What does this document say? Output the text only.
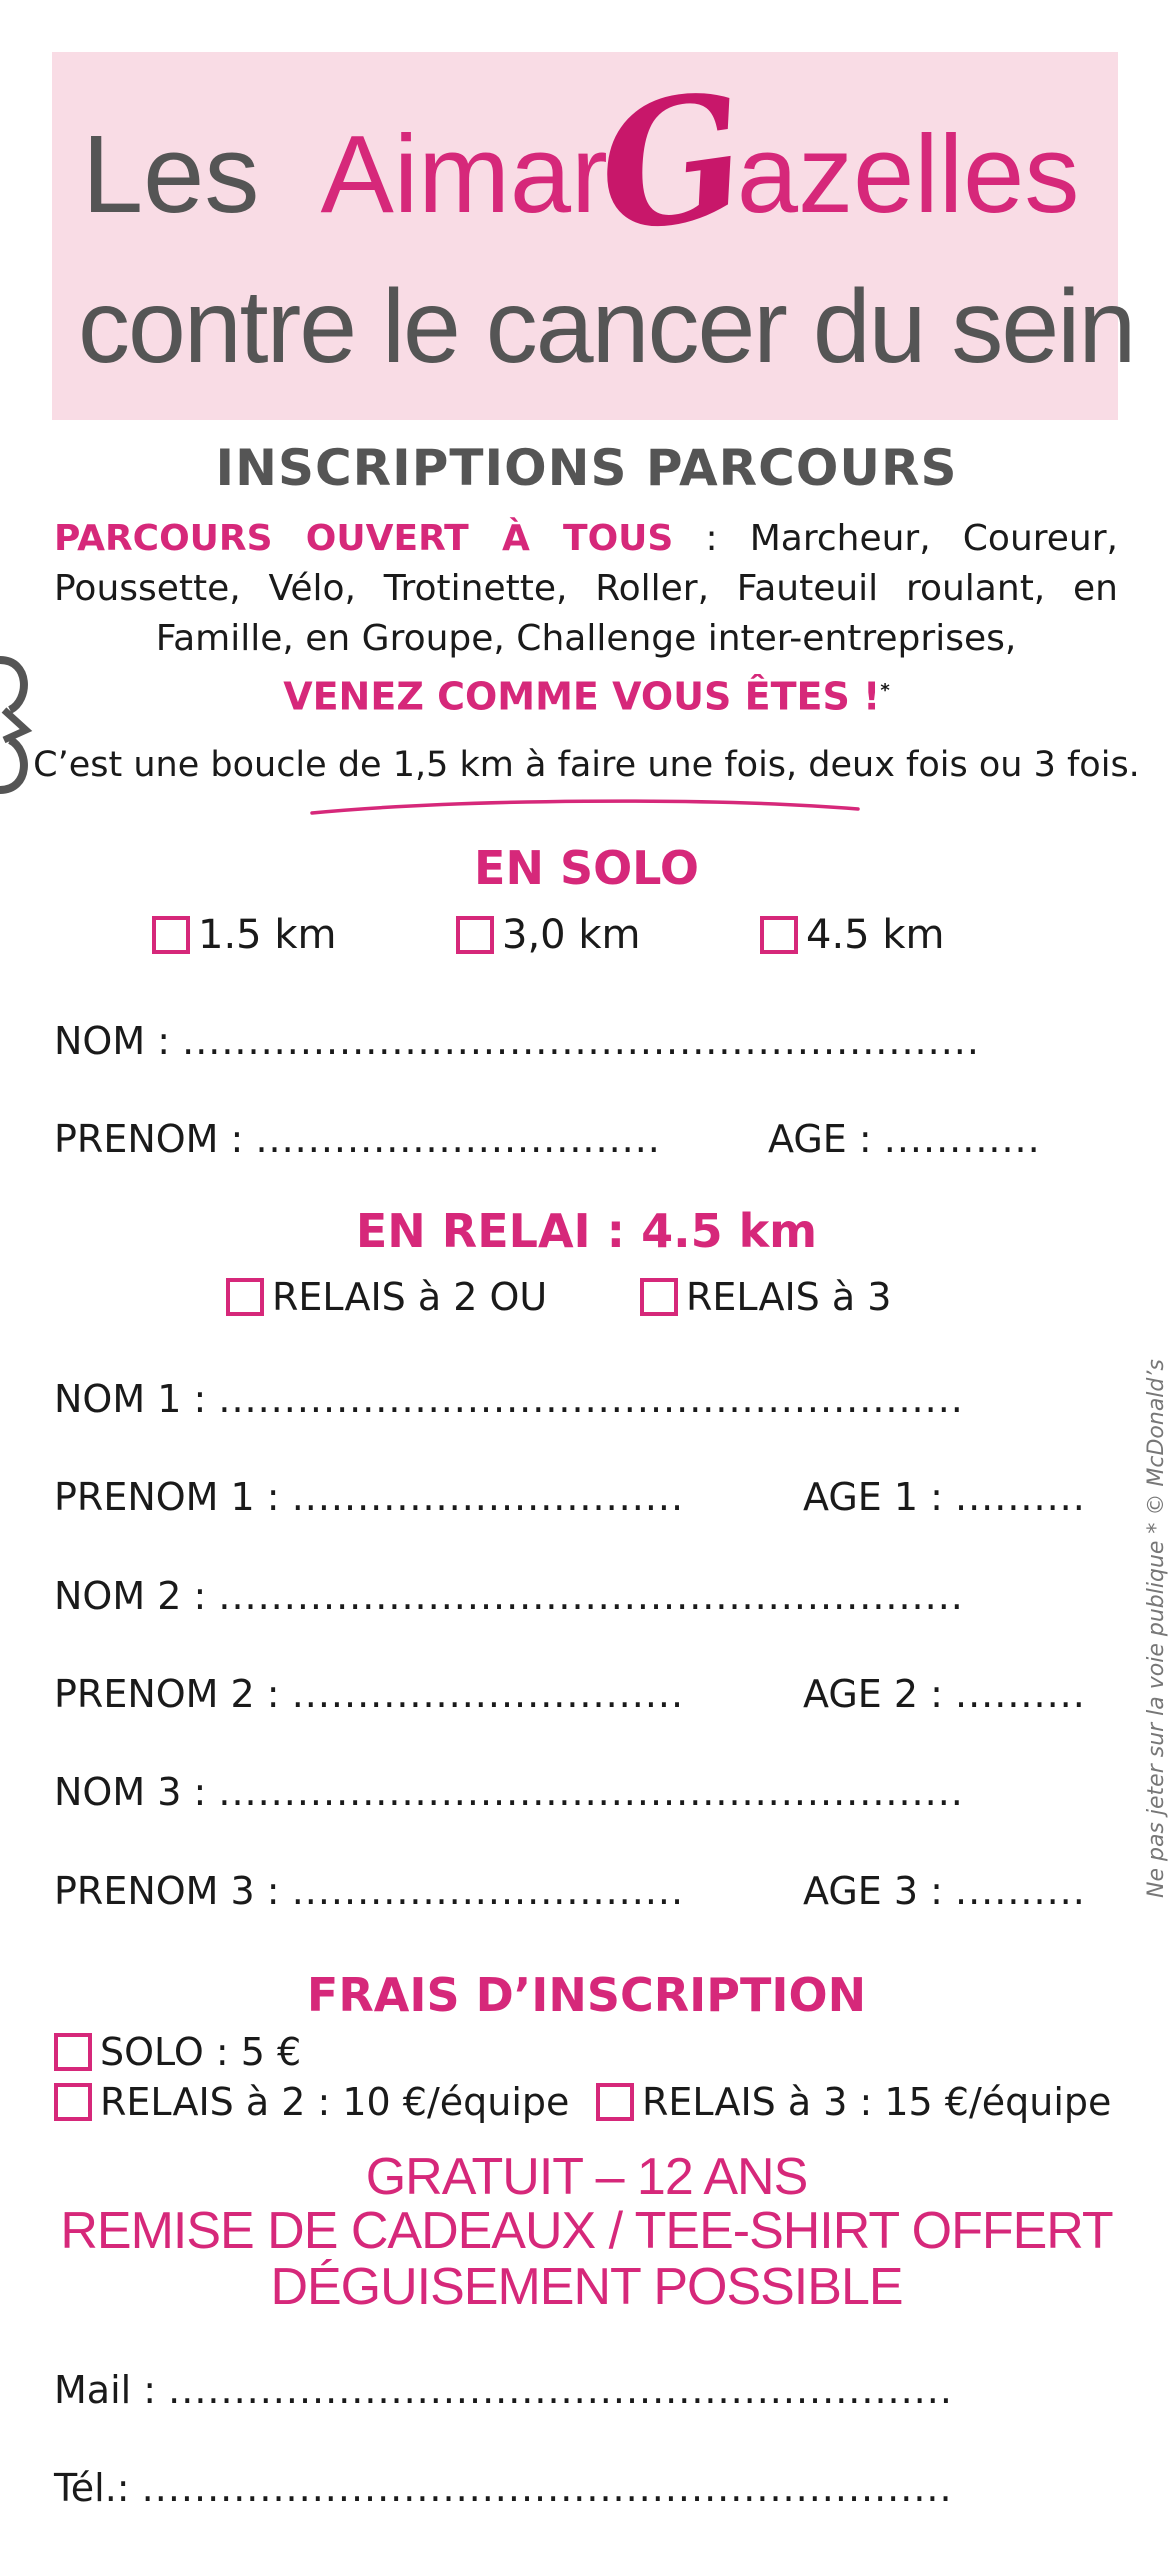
Les AimarGazelles
contre le cancer du sein
INSCRIPTIONS PARCOURS
PARCOURS OUVERT À TOUS : Marcheur, Coureur, Poussette, Vélo, Trotinette, Roller, Fauteuil roulant, en Famille, en Groupe, Challenge inter-entreprises,
VENEZ COMME VOUS ÊTES !*
C’est une boucle de 1,5 km à faire une fois, deux fois ou 3 fois.
EN SOLO
1.5 km	3,0 km	4.5 km
NOM : .............................................................
PRENOM : ...............................	AGE : ............
EN RELAI : 4.5 km
RELAIS à 2 OU	RELAIS à 3
NOM 1 : .........................................................
PRENOM 1 : ..............................	AGE 1 : ..........
NOM 2 : .........................................................
PRENOM 2 : ..............................	AGE 2 : ..........
NOM 3 : .........................................................
PRENOM 3 : ..............................	AGE 3 : ..........	Ne pas jeter sur la voie publique * © McDonald’s
FRAIS D’INSCRIPTION
SOLO : 5 €
RELAIS à 2 : 10 €/équipe	RELAIS à 3 : 15 €/équipe
GRATUIT – 12 ANS
REMISE DE CADEAUX / TEE-SHIRT OFFERT
DÉGUISEMENT POSSIBLE
Mail : ............................................................
Tél.: ..............................................................
